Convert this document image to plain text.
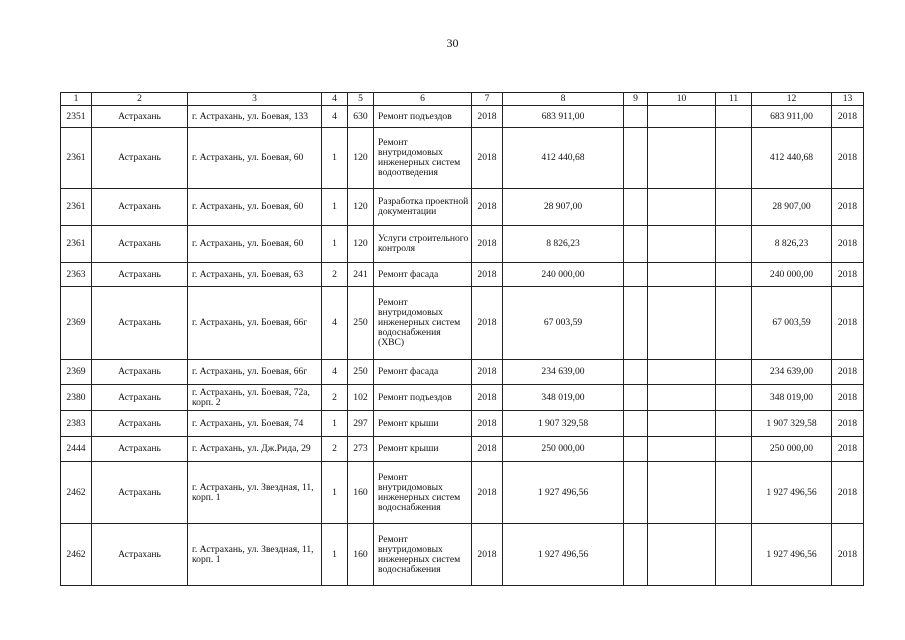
30
1	2	3	4	5	6	7	8	9	10	11	12	13
2351	Астрахань	г. Астрахань, ул. Боевая, 133	4	630	Ремонт подъездов	2018	683 911,00				683 911,00	2018
2361	Астрахань	г. Астрахань, ул. Боевая, 60	1	120	Ремонт внутридомовых инженерных систем водоотведения	2018	412 440,68				412 440,68	2018
2361	Астрахань	г. Астрахань, ул. Боевая, 60	1	120	Разработка проектной документации	2018	28 907,00				28 907,00	2018
2361	Астрахань	г. Астрахань, ул. Боевая, 60	1	120	Услуги строительного контроля	2018	8 826,23				8 826,23	2018
2363	Астрахань	г. Астрахань, ул. Боевая, 63	2	241	Ремонт фасада	2018	240 000,00				240 000,00	2018
2369	Астрахань	г. Астрахань, ул. Боевая, 66г	4	250	Ремонт внутридомовых инженерных систем водоснабжения (ХВС)	2018	67 003,59				67 003,59	2018
2369	Астрахань	г. Астрахань, ул. Боевая, 66г	4	250	Ремонт фасада	2018	234 639,00				234 639,00	2018
2380	Астрахань	г. Астрахань, ул. Боевая, 72а, корп. 2	2	102	Ремонт подъездов	2018	348 019,00				348 019,00	2018
2383	Астрахань	г. Астрахань, ул. Боевая, 74	1	297	Ремонт крыши	2018	1 907 329,58				1 907 329,58	2018
2444	Астрахань	г. Астрахань, ул. Дж.Рида, 29	2	273	Ремонт крыши	2018	250 000,00				250 000,00	2018
2462	Астрахань	г. Астрахань, ул. Звездная, 11, корп. 1	1	160	Ремонт внутридомовых инженерных систем водоснабжения	2018	1 927 496,56				1 927 496,56	2018
2462	Астрахань	г. Астрахань, ул. Звездная, 11, корп. 1	1	160	Ремонт внутридомовых инженерных систем водоснабжения	2018	1 927 496,56				1 927 496,56	2018
